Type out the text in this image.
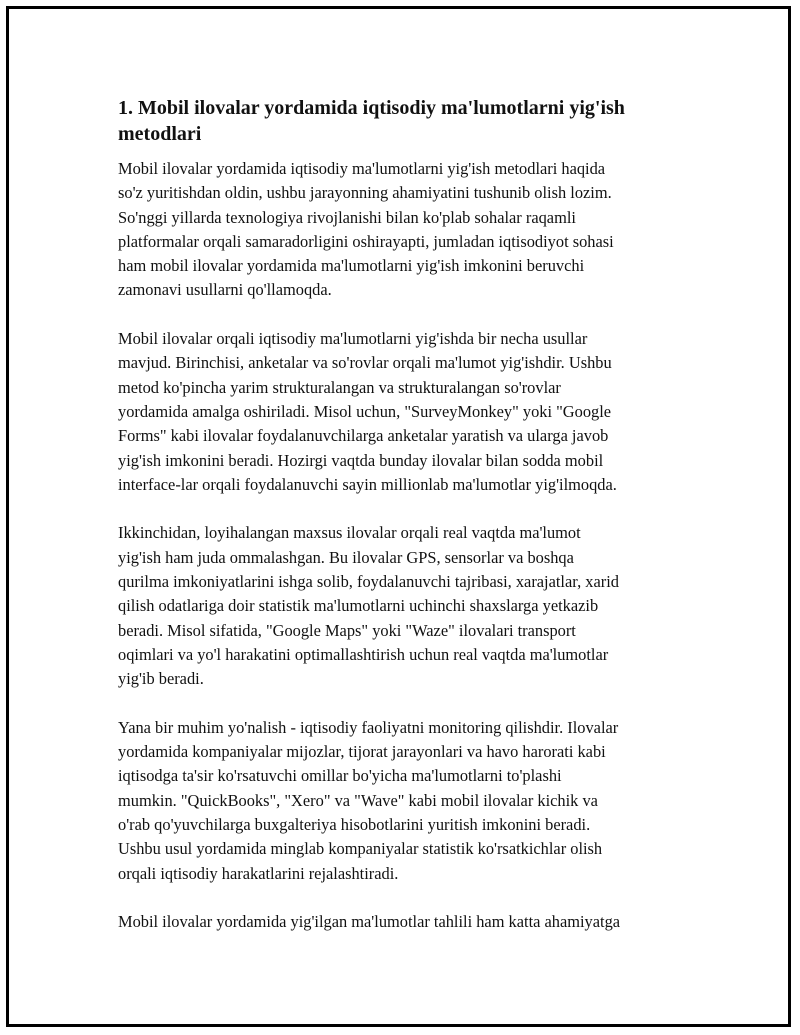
1. Mobil ilovalar yordamida iqtisodiy ma'lumotlarni yig'ish
metodlari

Mobil ilovalar yordamida iqtisodiy ma'lumotlarni yig'ish metodlari haqida
so'z yuritishdan oldin, ushbu jarayonning ahamiyatini tushunib olish lozim.
So'nggi yillarda texnologiya rivojlanishi bilan ko'plab sohalar raqamli
platformalar orqali samaradorligini oshirayapti, jumladan iqtisodiyot sohasi
ham mobil ilovalar yordamida ma'lumotlarni yig'ish imkonini beruvchi
zamonavi usullarni qo'llamoqda.

Mobil ilovalar orqali iqtisodiy ma'lumotlarni yig'ishda bir necha usullar
mavjud. Birinchisi, anketalar va so'rovlar orqali ma'lumot yig'ishdir. Ushbu
metod ko'pincha yarim strukturalangan va strukturalangan so'rovlar
yordamida amalga oshiriladi. Misol uchun, "SurveyMonkey" yoki "Google
Forms" kabi ilovalar foydalanuvchilarga anketalar yaratish va ularga javob
yig'ish imkonini beradi. Hozirgi vaqtda bunday ilovalar bilan sodda mobil
interface-lar orqali foydalanuvchi sayin millionlab ma'lumotlar yig'ilmoqda.

Ikkinchidan, loyihalangan maxsus ilovalar orqali real vaqtda ma'lumot
yig'ish ham juda ommalashgan. Bu ilovalar GPS, sensorlar va boshqa
qurilma imkoniyatlarini ishga solib, foydalanuvchi tajribasi, xarajatlar, xarid
qilish odatlariga doir statistik ma'lumotlarni uchinchi shaxslarga yetkazib
beradi. Misol sifatida, "Google Maps" yoki "Waze" ilovalari transport
oqimlari va yo'l harakatini optimallashtirish uchun real vaqtda ma'lumotlar
yig'ib beradi.

Yana bir muhim yo'nalish - iqtisodiy faoliyatni monitoring qilishdir. Ilovalar
yordamida kompaniyalar mijozlar, tijorat jarayonlari va havo harorati kabi
iqtisodga ta'sir ko'rsatuvchi omillar bo'yicha ma'lumotlarni to'plashi
mumkin. "QuickBooks", "Xero" va "Wave" kabi mobil ilovalar kichik va
o'rab qo'yuvchilarga buxgalteriya hisobotlarini yuritish imkonini beradi.
Ushbu usul yordamida minglab kompaniyalar statistik ko'rsatkichlar olish
orqali iqtisodiy harakatlarini rejalashtiradi.

Mobil ilovalar yordamida yig'ilgan ma'lumotlar tahlili ham katta ahamiyatga
